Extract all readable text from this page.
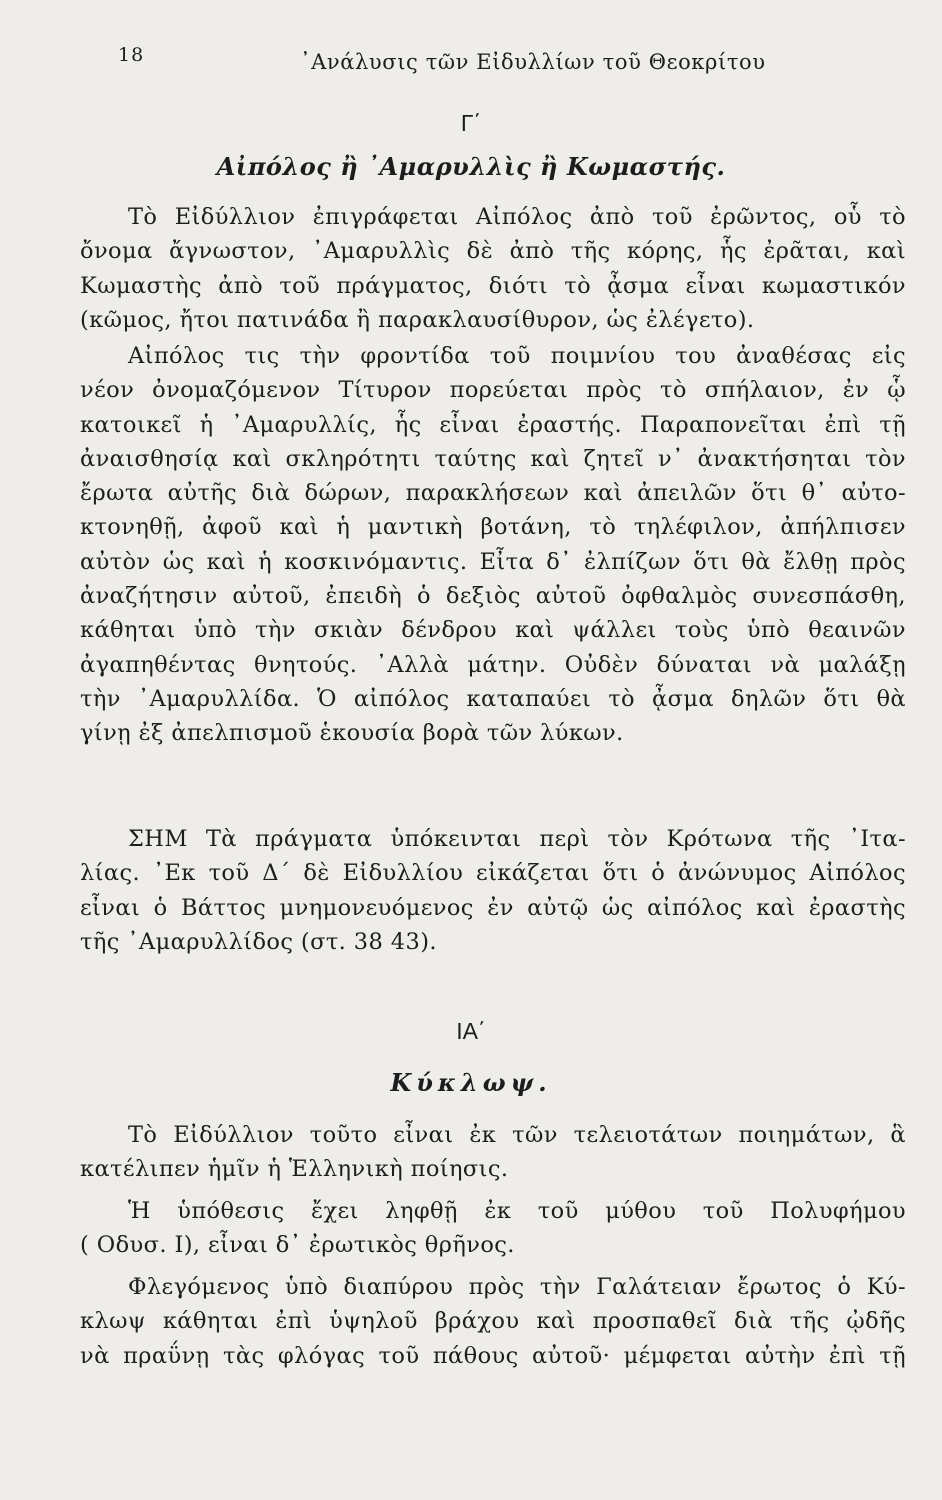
18	᾽Ανάλυσις τῶν Εἰδυλλίων τοῦ Θεοκρίτου
Γ΄
Αἰπόλος ἢ ᾽Αμαρυλλὶς ἢ Κωμαστής.
Τὸ Εἰδύλλιον ἐπιγράφεται Αἰπόλος ἀπὸ τοῦ ἐρῶντος, οὗ τὸ
ὄνομα ἄγνωστον, ᾽Αμαρυλλὶς δὲ ἀπὸ τῆς κόρης, ἧς ἐρᾶται, καὶ
Κωμαστὴς ἀπὸ τοῦ πράγματος, διότι τὸ ᾆσμα εἶναι κωμαστικόν
(κῶμος, ἤτοι πατινάδα ἢ παρακλαυσίθυρον, ὡς ἐλέγετο).
Αἰπόλος τις τὴν φροντίδα τοῦ ποιμνίου του ἀναθέσας εἰς
νέον ὀνομαζόμενον Τίτυρον πορεύεται πρὸς τὸ σπήλαιον, ἐν ᾧ
κατοικεῖ ἡ ᾽Αμαρυλλίς, ἧς εἶναι ἐραστής. Παραπονεῖται ἐπὶ τῇ
ἀναισθησίᾳ καὶ σκληρότητι ταύτης καὶ ζητεῖ ν᾽ ἀνακτήσηται τὸν
ἔρωτα αὐτῆς διὰ δώρων, παρακλήσεων καὶ ἀπειλῶν ὅτι θ᾽ αὐτο-
κτονηθῇ, ἀφοῦ καὶ ἡ μαντικὴ βοτάνη, τὸ τηλέφιλον, ἀπήλπισεν
αὐτὸν ὡς καὶ ἡ κοσκινόμαντις. Εἶτα δ᾽ ἐλπίζων ὅτι θὰ ἔλθῃ πρὸς
ἀναζήτησιν αὐτοῦ, ἐπειδὴ ὁ δεξιὸς αὐτοῦ ὀφθαλμὸς συνεσπάσθη,
κάθηται ὑπὸ τὴν σκιὰν δένδρου καὶ ψάλλει τοὺς ὑπὸ θεαινῶν
ἀγαπηθέντας θνητούς. ᾽Αλλὰ μάτην. Οὐδὲν δύναται νὰ μαλάξῃ
τὴν ᾽Αμαρυλλίδα. Ὁ αἰπόλος καταπαύει τὸ ᾆσμα δηλῶν ὅτι θὰ
γίνῃ ἐξ ἀπελπισμοῦ ἑκουσία βορὰ τῶν λύκων.
ΣΗΜ Τὰ πράγματα ὑπόκεινται περὶ τὸν Κρότωνα τῆς ᾽Ιτα-
λίας. ᾽Εκ τοῦ Δ΄ δὲ Εἰδυλλίου εἰκάζεται ὅτι ὁ ἀνώνυμος Αἰπόλος
εἶναι ὁ Βάττος μνημονευόμενος ἐν αὐτῷ ὡς αἰπόλος καὶ ἐραστὴς
τῆς ᾽Αμαρυλλίδος (στ. 38 43).
ΙΑ΄
Κύκλωψ.
Τὸ Εἰδύλλιον τοῦτο εἶναι ἐκ τῶν τελειοτάτων ποιημάτων, ἃ
κατέλιπεν ἡμῖν ἡ Ἑλληνικὴ ποίησις.
Ἡ ὑπόθεσις ἔχει ληφθῇ ἐκ τοῦ μύθου τοῦ Πολυφήμου
( Οδυσ. Ι), εἶναι δ᾽ ἐρωτικὸς θρῆνος.
Φλεγόμενος ὑπὸ διαπύρου πρὸς τὴν Γαλάτειαν ἔρωτος ὁ Κύ-
κλωψ κάθηται ἐπὶ ὑψηλοῦ βράχου καὶ προσπαθεῖ διὰ τῆς ᾠδῆς
νὰ πραΰνῃ τὰς φλόγας τοῦ πάθους αὐτοῦ· μέμφεται αὐτὴν ἐπὶ τῇ
